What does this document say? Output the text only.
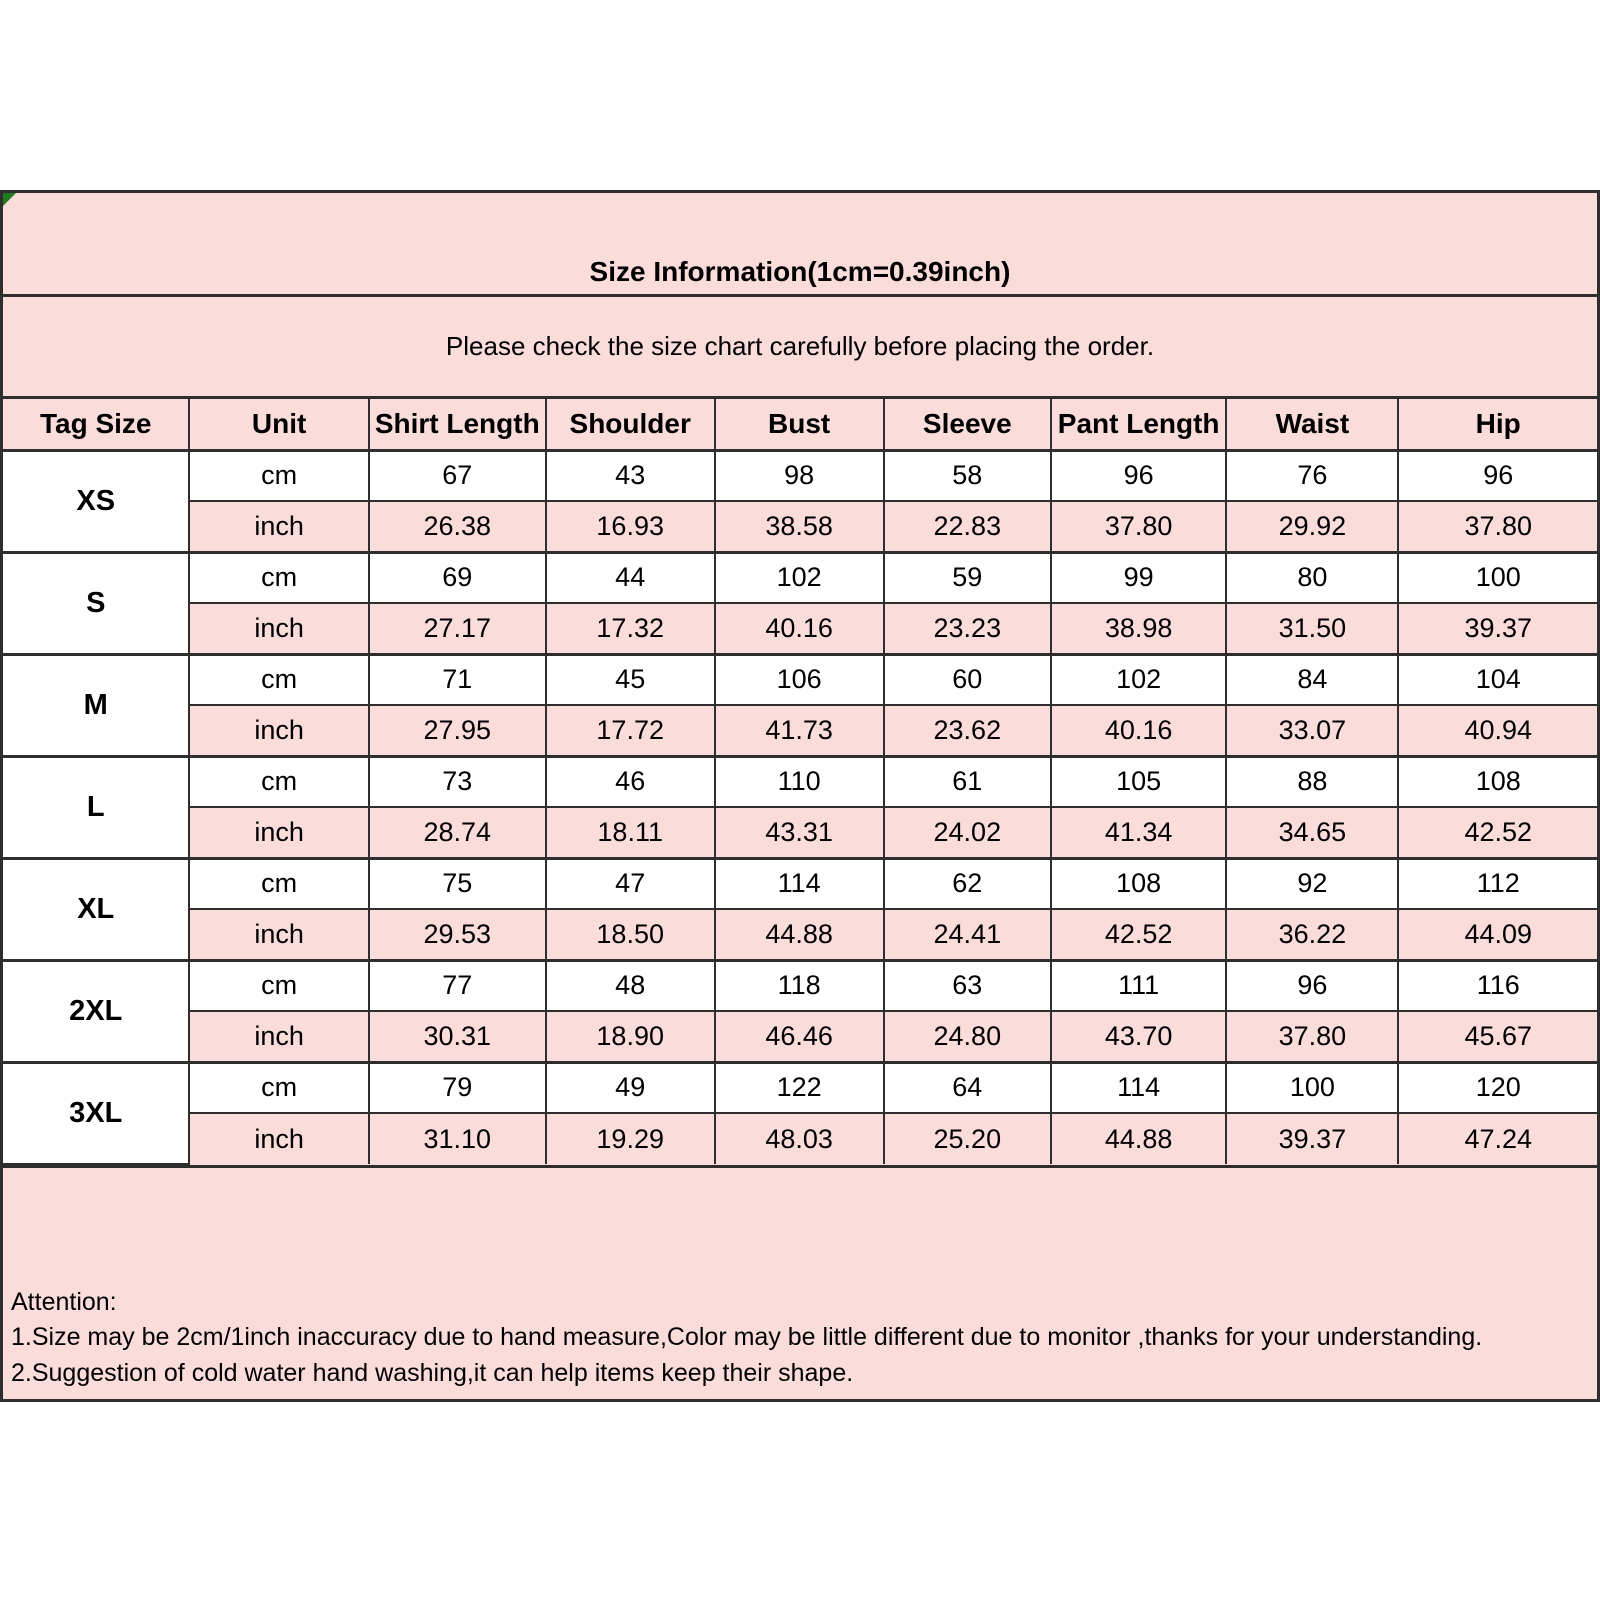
Size Information(1cm=0.39inch)
Please check the size chart carefully before placing the order.
Tag Size	Unit	Shirt Length	Shoulder	Bust	Sleeve	Pant Length	Waist	Hip
XS	cm	67	43	98	58	96	76	96
	inch	26.38	16.93	38.58	22.83	37.80	29.92	37.80
S	cm	69	44	102	59	99	80	100
	inch	27.17	17.32	40.16	23.23	38.98	31.50	39.37
M	cm	71	45	106	60	102	84	104
	inch	27.95	17.72	41.73	23.62	40.16	33.07	40.94
L	cm	73	46	110	61	105	88	108
	inch	28.74	18.11	43.31	24.02	41.34	34.65	42.52
XL	cm	75	47	114	62	108	92	112
	inch	29.53	18.50	44.88	24.41	42.52	36.22	44.09
2XL	cm	77	48	118	63	111	96	116
	inch	30.31	18.90	46.46	24.80	43.70	37.80	45.67
3XL	cm	79	49	122	64	114	100	120
	inch	31.10	19.29	48.03	25.20	44.88	39.37	47.24
Attention:
1.Size may be 2cm/1inch inaccuracy due to hand measure,Color may be little different due to monitor ,thanks for your understanding.
2.Suggestion of cold water hand washing,it can help items keep their shape.
